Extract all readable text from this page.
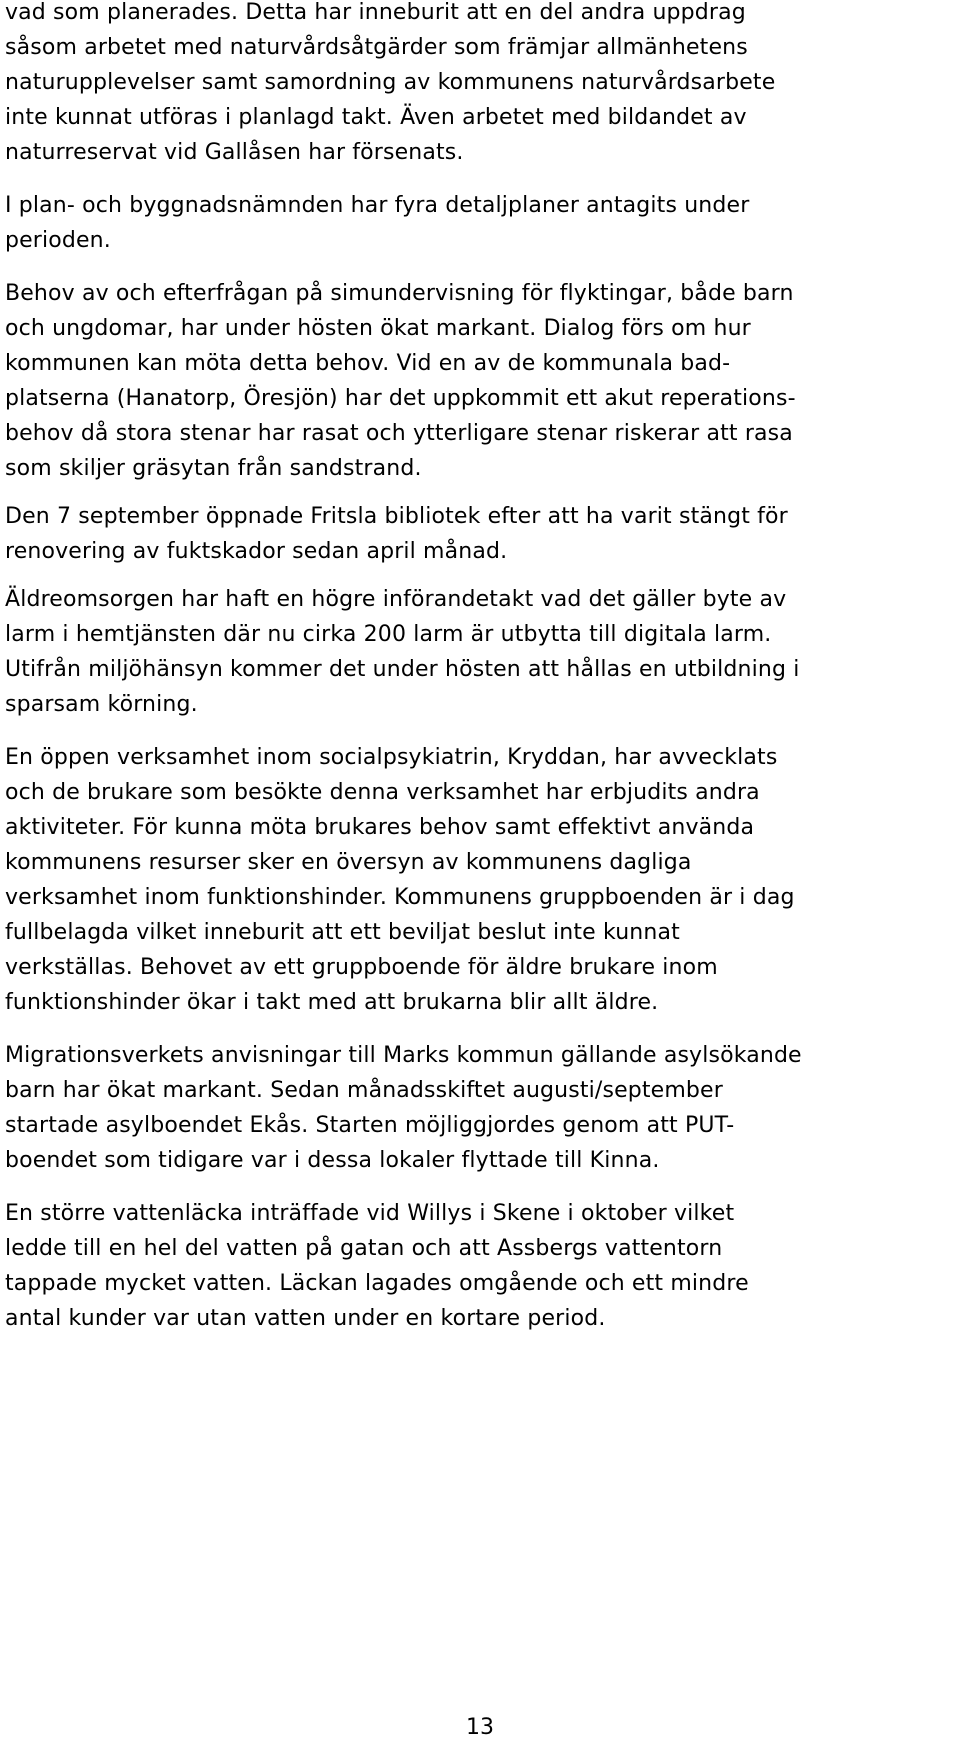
vad som planerades. Detta har inneburit att en del andra uppdrag
såsom arbetet med naturvårdsåtgärder som främjar allmänhetens
naturupplevelser samt samordning av kommunens naturvårdsarbete
inte kunnat utföras i planlagd takt. Även arbetet med bildandet av
naturreservat vid Gallåsen har försenats.

I plan- och byggnadsnämnden har fyra detaljplaner antagits under
perioden.

Behov av och efterfrågan på simundervisning för flyktingar, både barn
och ungdomar, har under hösten ökat markant. Dialog förs om hur
kommunen kan möta detta behov. Vid en av de kommunala bad-
platserna (Hanatorp, Öresjön) har det uppkommit ett akut reperations-
behov då stora stenar har rasat och ytterligare stenar riskerar att rasa
som skiljer gräsytan från sandstrand.

Den 7 september öppnade Fritsla bibliotek efter att ha varit stängt för
renovering av fuktskador sedan april månad.

Äldreomsorgen har haft en högre införandetakt vad det gäller byte av
larm i hemtjänsten där nu cirka 200 larm är utbytta till digitala larm.
Utifrån miljöhänsyn kommer det under hösten att hållas en utbildning i
sparsam körning.

En öppen verksamhet inom socialpsykiatrin, Kryddan, har avvecklats
och de brukare som besökte denna verksamhet har erbjudits andra
aktiviteter. För kunna möta brukares behov samt effektivt använda
kommunens resurser sker en översyn av kommunens dagliga
verksamhet inom funktionshinder. Kommunens gruppboenden är i dag
fullbelagda vilket inneburit att ett beviljat beslut inte kunnat
verkställas. Behovet av ett gruppboende för äldre brukare inom
funktionshinder ökar i takt med att brukarna blir allt äldre.

Migrationsverkets anvisningar till Marks kommun gällande asylsökande
barn har ökat markant. Sedan månadsskiftet augusti/september
startade asylboendet Ekås. Starten möjliggjordes genom att PUT-
boendet som tidigare var i dessa lokaler flyttade till Kinna.

En större vattenläcka inträffade vid Willys i Skene i oktober vilket
ledde till en hel del vatten på gatan och att Assbergs vattentorn
tappade mycket vatten. Läckan lagades omgående och ett mindre
antal kunder var utan vatten under en kortare period.

13
